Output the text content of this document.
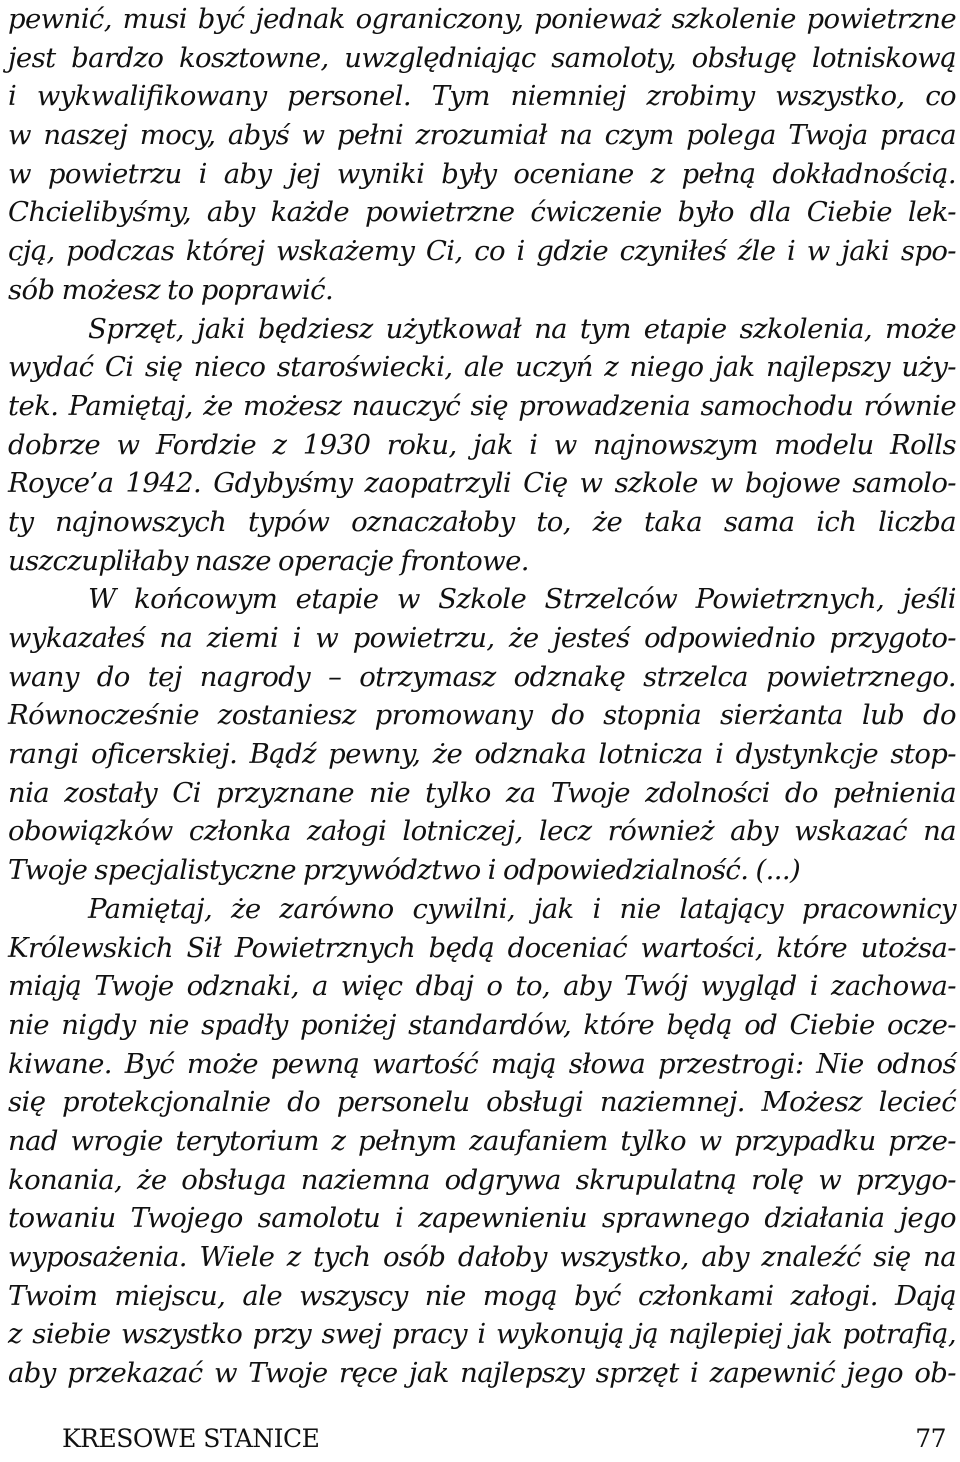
pewnić, musi być jednak ograniczony, ponieważ szkolenie powietrzne
jest bardzo kosztowne, uwzględniając samoloty, obsługę lotniskową
i wykwalifikowany personel. Tym niemniej zrobimy wszystko, co
w naszej mocy, abyś w pełni zrozumiał na czym polega Twoja praca
w powietrzu i aby jej wyniki były oceniane z pełną dokładnością.
Chcielibyśmy, aby każde powietrzne ćwiczenie było dla Ciebie lek-
cją, podczas której wskażemy Ci, co i gdzie czyniłeś źle i w jaki spo-
sób możesz to poprawić.
Sprzęt, jaki będziesz użytkował na tym etapie szkolenia, może
wydać Ci się nieco staroświecki, ale uczyń z niego jak najlepszy uży-
tek. Pamiętaj, że możesz nauczyć się prowadzenia samochodu równie
dobrze w Fordzie z 1930 roku, jak i w najnowszym modelu Rolls
Royce’a 1942. Gdybyśmy zaopatrzyli Cię w szkole w bojowe samolo-
ty najnowszych typów oznaczałoby to, że taka sama ich liczba
uszczupliłaby nasze operacje frontowe.
W końcowym etapie w Szkole Strzelców Powietrznych, jeśli
wykazałeś na ziemi i w powietrzu, że jesteś odpowiednio przygoto-
wany do tej nagrody – otrzymasz odznakę strzelca powietrznego.
Równocześnie zostaniesz promowany do stopnia sierżanta lub do
rangi oficerskiej. Bądź pewny, że odznaka lotnicza i dystynkcje stop-
nia zostały Ci przyznane nie tylko za Twoje zdolności do pełnienia
obowiązków członka załogi lotniczej, lecz również aby wskazać na
Twoje specjalistyczne przywództwo i odpowiedzialność. (...)
Pamiętaj, że zarówno cywilni, jak i nie latający pracownicy
Królewskich Sił Powietrznych będą doceniać wartości, które utożsa-
miają Twoje odznaki, a więc dbaj o to, aby Twój wygląd i zachowa-
nie nigdy nie spadły poniżej standardów, które będą od Ciebie ocze-
kiwane. Być może pewną wartość mają słowa przestrogi: Nie odnoś
się protekcjonalnie do personelu obsługi naziemnej. Możesz lecieć
nad wrogie terytorium z pełnym zaufaniem tylko w przypadku prze-
konania, że obsługa naziemna odgrywa skrupulatną rolę w przygo-
towaniu Twojego samolotu i zapewnieniu sprawnego działania jego
wyposażenia. Wiele z tych osób dałoby wszystko, aby znaleźć się na
Twoim miejscu, ale wszyscy nie mogą być członkami załogi. Dają
z siebie wszystko przy swej pracy i wykonują ją najlepiej jak potrafią,
aby przekazać w Twoje ręce jak najlepszy sprzęt i zapewnić jego ob-
KRESOWE STANICE	77
